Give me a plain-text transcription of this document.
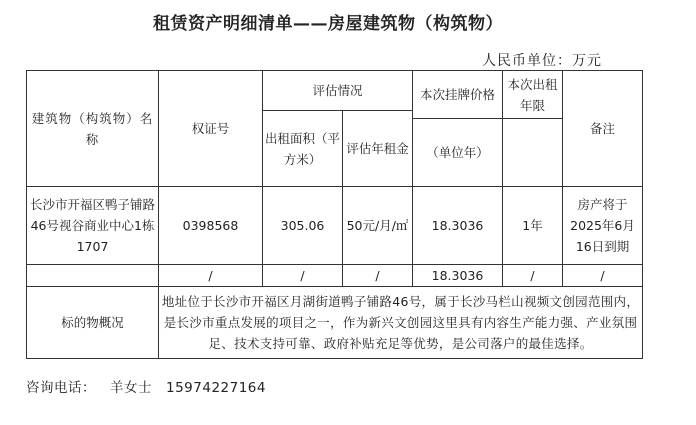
租赁资产明细清单——房屋建筑物（构筑物）
人民币单位：万元
建筑物（构筑物）名称	权证号	评估情况		本次挂牌价格	本次出租年限	备注
		出租面积（平方米）	评估年租金			
				（单位年）		
长沙市开福区鸭子铺路46号视谷商业中心1栋1707	0398568	305.06	50元/月/㎡	18.3036	1年	房产将于2025年6月16日到期
	/	/	/	18.3036	/	/
标的物概况	地址位于长沙市开福区月湖街道鸭子铺路46号，属于长沙马栏山视频文创园范围内，是长沙市重点发展的项目之一，作为新兴文创园这里具有内容生产能力强、产业氛围足、技术支持可靠、政府补贴充足等优势，是公司落户的最佳选择。					
咨询电话： 羊女士 15974227164
